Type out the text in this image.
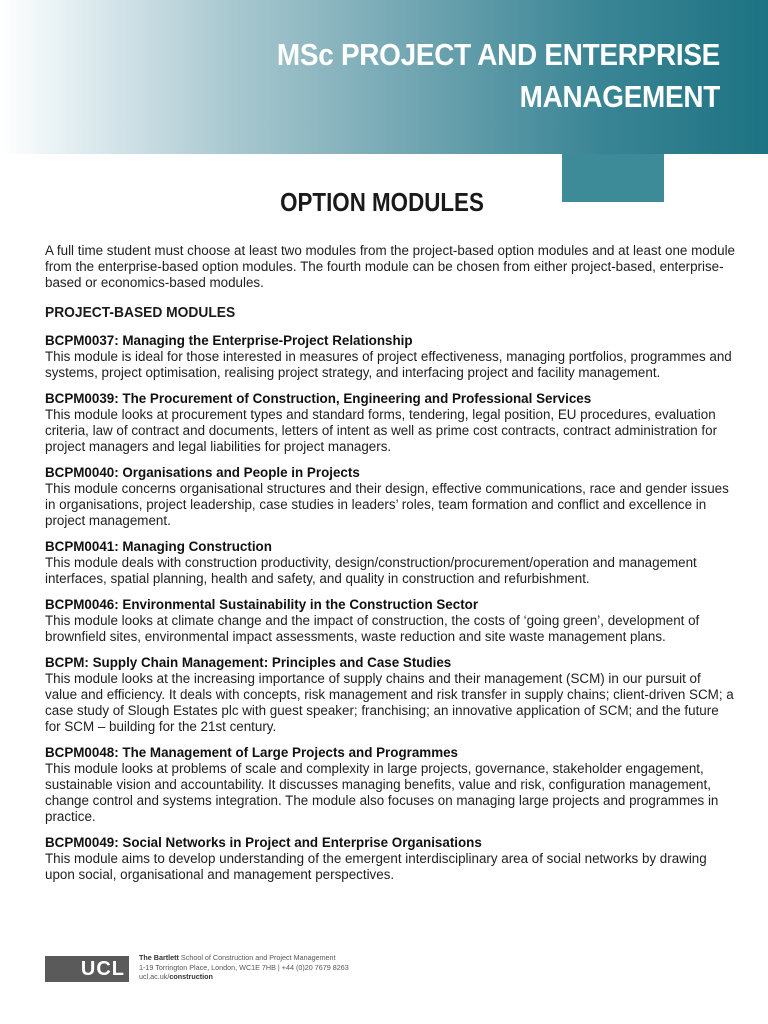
MSc PROJECT AND ENTERPRISE
MANAGEMENT
OPTION MODULES

A full time student must choose at least two modules from the project-based option modules and at least one module from the enterprise-based option modules. The fourth module can be chosen from either project-based, enterprise-based or economics-based modules.

PROJECT-BASED MODULES
BCPM0037: Managing the Enterprise-Project Relationship
This module is ideal for those interested in measures of project effectiveness, managing portfolios, programmes and systems, project optimisation, realising project strategy, and interfacing project and facility management.
BCPM0039: The Procurement of Construction, Engineering and Professional Services
This module looks at procurement types and standard forms, tendering, legal position, EU procedures, evaluation criteria, law of contract and documents, letters of intent as well as prime cost contracts, contract administration for project managers and legal liabilities for project managers.
BCPM0040: Organisations and People in Projects
This module concerns organisational structures and their design, effective communications, race and gender issues in organisations, project leadership, case studies in leaders’ roles, team formation and conflict and excellence in project management.
BCPM0041: Managing Construction
This module deals with construction productivity, design/construction/procurement/operation and management interfaces, spatial planning, health and safety, and quality in construction and refurbishment.
BCPM0046: Environmental Sustainability in the Construction Sector
This module looks at climate change and the impact of construction, the costs of ‘going green’, development of brownfield sites, environmental impact assessments, waste reduction and site waste management plans.
BCPM: Supply Chain Management: Principles and Case Studies
This module looks at the increasing importance of supply chains and their management (SCM) in our pursuit of value and efficiency. It deals with concepts, risk management and risk transfer in supply chains; client-driven SCM; a case study of Slough Estates plc with guest speaker; franchising; an innovative application of SCM; and the future for SCM – building for the 21st century.
BCPM0048: The Management of Large Projects and Programmes
This module looks at problems of scale and complexity in large projects, governance, stakeholder engagement, sustainable vision and accountability. It discusses managing benefits, value and risk, configuration management, change control and systems integration. The module also focuses on managing large projects and programmes in practice.
BCPM0049: Social Networks in Project and Enterprise Organisations
This module aims to develop understanding of the emergent interdisciplinary area of social networks by drawing upon social, organisational and management perspectives.
UCL
The Bartlett School of Construction and Project Management
1-19 Torrington Place, London, WC1E 7HB | +44 (0)20 7679 8263
ucl.ac.uk/construction
